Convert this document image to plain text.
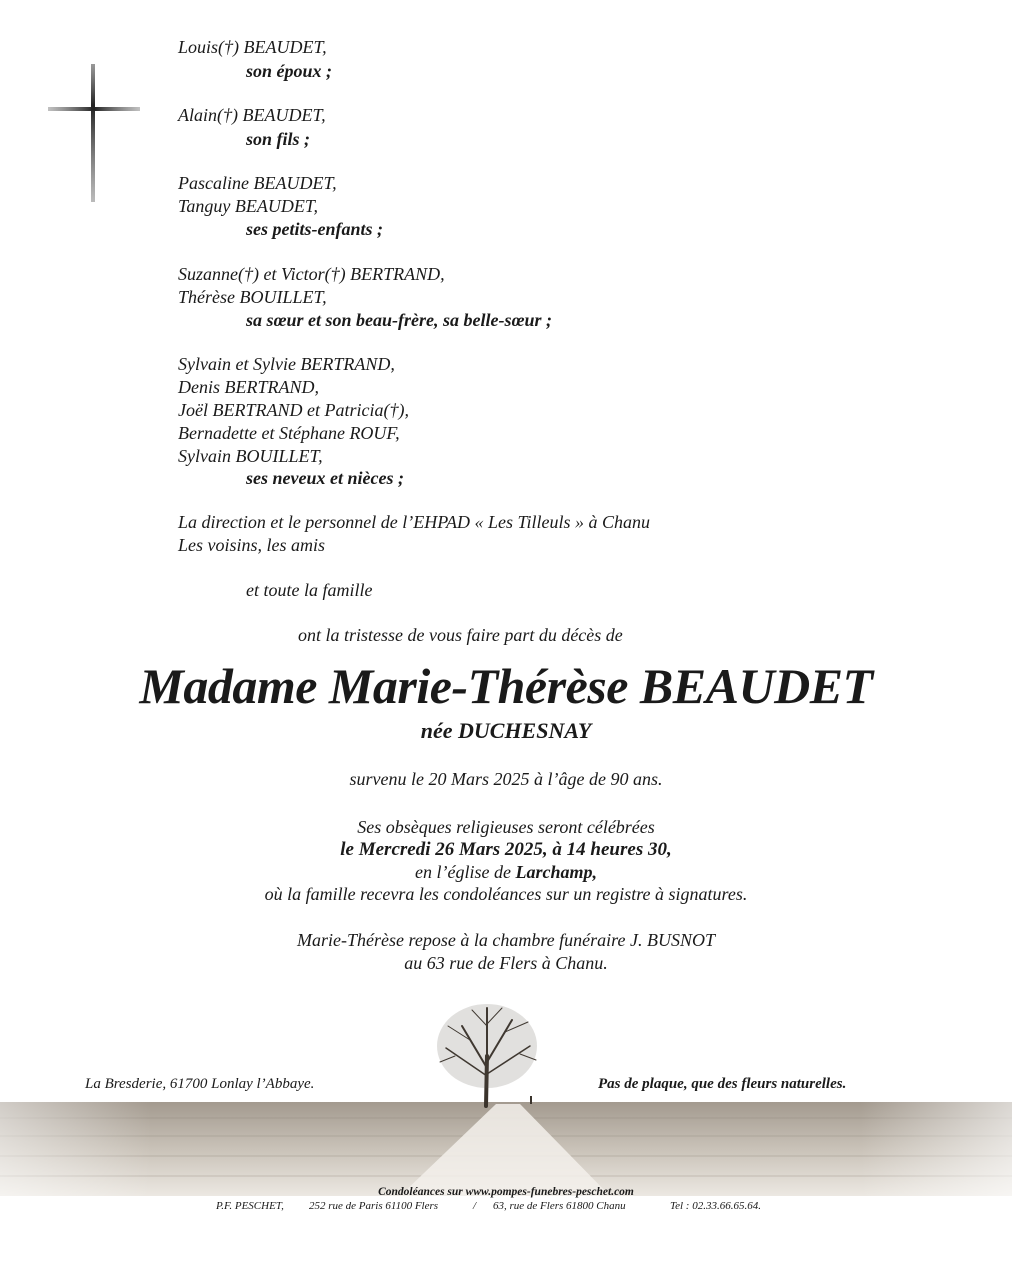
Louis(†) BEAUDET,
son époux ;
Alain(†) BEAUDET,
son fils ;
Pascaline BEAUDET,
Tanguy BEAUDET,
ses petits-enfants ;
Suzanne(†) et Victor(†) BERTRAND,
Thérèse BOUILLET,
sa sœur et son beau-frère, sa belle-sœur ;
Sylvain et Sylvie BERTRAND,
Denis BERTRAND,
Joël BERTRAND et Patricia(†),
Bernadette et Stéphane ROUF,
Sylvain BOUILLET,
ses neveux et nièces ;
La direction et le personnel de l’EHPAD « Les Tilleuls » à Chanu
Les voisins, les amis
et toute la famille
ont la tristesse de vous faire part du décès de
Madame Marie-Thérèse BEAUDET
née DUCHESNAY
survenu le 20 Mars 2025 à l’âge de 90 ans.
Ses obsèques religieuses seront célébrées
le Mercredi 26 Mars 2025, à 14 heures 30,
en l’église de Larchamp,
où la famille recevra les condoléances sur un registre à signatures.
Marie-Thérèse repose à la chambre funéraire J. BUSNOT
au 63 rue de Flers à Chanu.
La Bresderie, 61700 Lonlay l’Abbaye.	Pas de plaque, que des fleurs naturelles.
Condoléances sur www.pompes-funebres-peschet.com
P.F. PESCHET, 252 rue de Paris 61100 Flers	/ 63, rue de Flers 61800 Chanu	Tel : 02.33.66.65.64.
